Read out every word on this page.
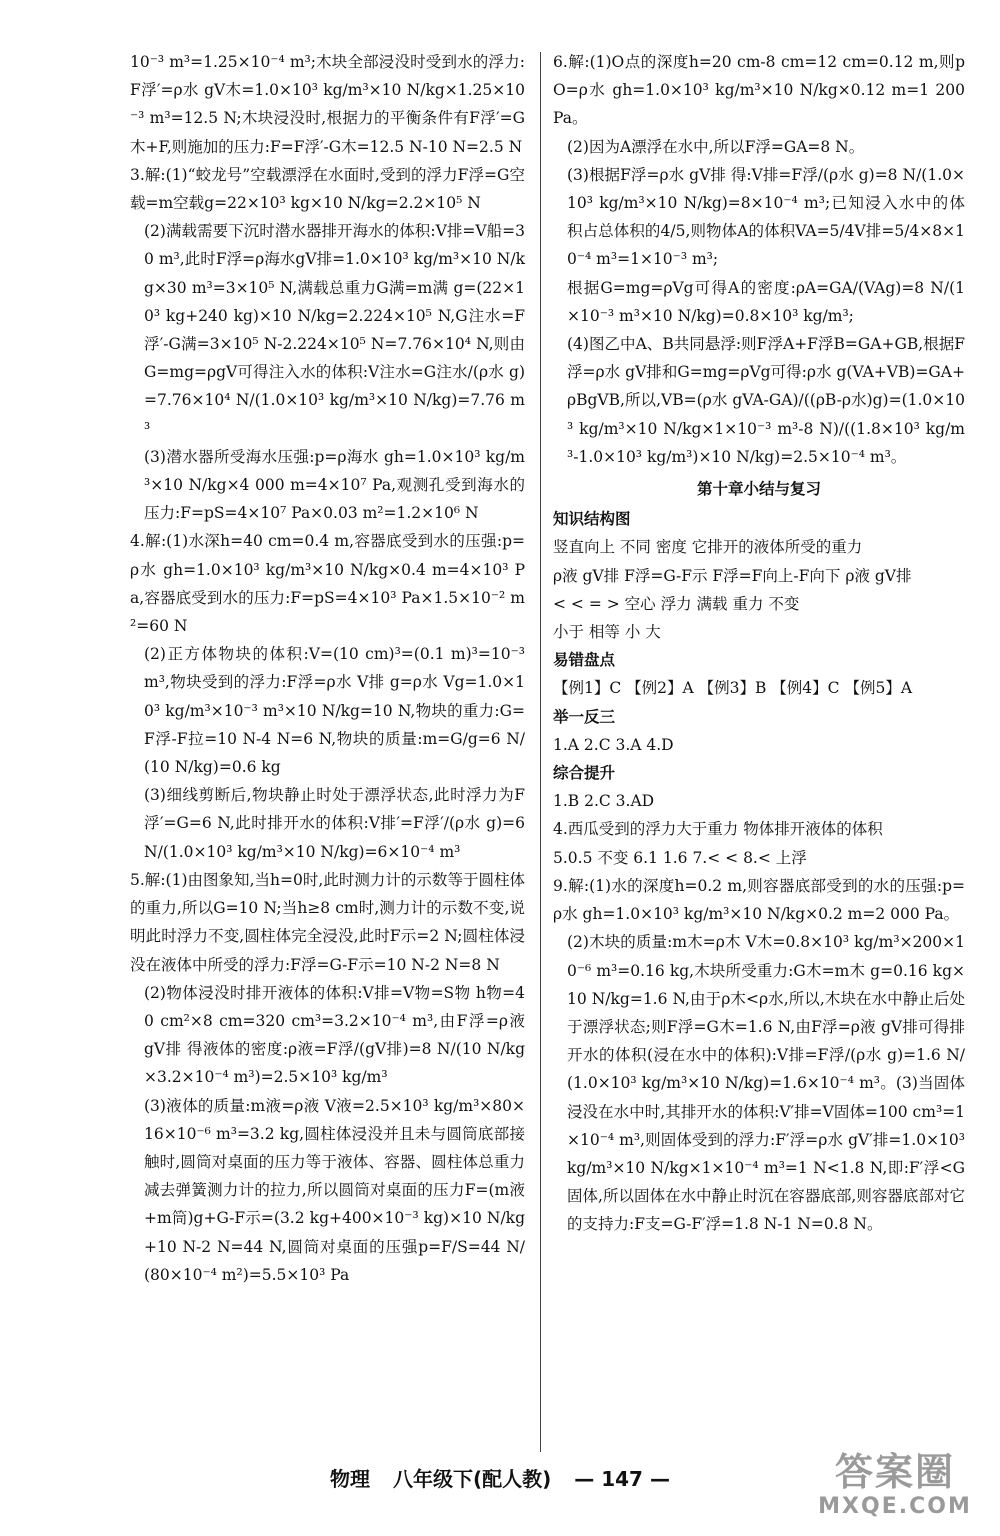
10⁻³ m³=1.25×10⁻⁴ m³;木块全部浸没时受到水的浮力:F浮′=ρ水 gV木=1.0×10³ kg/m³×10 N/kg×1.25×10⁻³ m³=12.5 N;木块浸没时,根据力的平衡条件有F浮′=G木+F,则施加的压力:F=F浮′-G木=12.5 N-10 N=2.5 N

3.解:(1)“蛟龙号”空载漂浮在水面时,受到的浮力F浮=G空载=m空载g=22×10³ kg×10 N/kg=2.2×10⁵ N

(2)满载需要下沉时潜水器排开海水的体积:V排=V船=30 m³,此时F浮=ρ海水gV排=1.0×10³ kg/m³×10 N/kg×30 m³=3×10⁵ N,满载总重力G满=m满 g=(22×10³ kg+240 kg)×10 N/kg=2.224×10⁵ N,G注水=F浮′-G满=3×10⁵ N-2.224×10⁵ N=7.76×10⁴ N,则由G=mg=ρgV可得注入水的体积:V注水=G注水/(ρ水 g)=7.76×10⁴ N/(1.0×10³ kg/m³×10 N/kg)=7.76 m³

(3)潜水器所受海水压强:p=ρ海水 gh=1.0×10³ kg/m³×10 N/kg×4 000 m=4×10⁷ Pa,观测孔受到海水的压力:F=pS=4×10⁷ Pa×0.03 m²=1.2×10⁶ N

4.解:(1)水深h=40 cm=0.4 m,容器底受到水的压强:p=ρ水 gh=1.0×10³ kg/m³×10 N/kg×0.4 m=4×10³ Pa,容器底受到水的压力:F=pS=4×10³ Pa×1.5×10⁻² m²=60 N

(2)正方体物块的体积:V=(10 cm)³=(0.1 m)³=10⁻³ m³,物块受到的浮力:F浮=ρ水 V排 g=ρ水 Vg=1.0×10³ kg/m³×10⁻³ m³×10 N/kg=10 N,物块的重力:G=F浮-F拉=10 N-4 N=6 N,物块的质量:m=G/g=6 N/(10 N/kg)=0.6 kg

(3)细线剪断后,物块静止时处于漂浮状态,此时浮力为F浮′=G=6 N,此时排开水的体积:V排′=F浮′/(ρ水 g)=6 N/(1.0×10³ kg/m³×10 N/kg)=6×10⁻⁴ m³

5.解:(1)由图象知,当h=0时,此时测力计的示数等于圆柱体的重力,所以G=10 N;当h≥8 cm时,测力计的示数不变,说明此时浮力不变,圆柱体完全浸没,此时F示=2 N;圆柱体浸没在液体中所受的浮力:F浮=G-F示=10 N-2 N=8 N

(2)物体浸没时排开液体的体积:V排=V物=S物 h物=40 cm²×8 cm=320 cm³=3.2×10⁻⁴ m³,由F浮=ρ液 gV排 得液体的密度:ρ液=F浮/(gV排)=8 N/(10 N/kg×3.2×10⁻⁴ m³)=2.5×10³ kg/m³

(3)液体的质量:m液=ρ液 V液=2.5×10³ kg/m³×80×16×10⁻⁶ m³=3.2 kg,圆柱体浸没并且未与圆筒底部接触时,圆筒对桌面的压力等于液体、容器、圆柱体总重力减去弹簧测力计的拉力,所以圆筒对桌面的压力F=(m液+m筒)g+G-F示=(3.2 kg+400×10⁻³ kg)×10 N/kg+10 N-2 N=44 N,圆筒对桌面的压强p=F/S=44 N/(80×10⁻⁴ m²)=5.5×10³ Pa

6.解:(1)O点的深度h=20 cm-8 cm=12 cm=0.12 m,则pO=ρ水 gh=1.0×10³ kg/m³×10 N/kg×0.12 m=1 200 Pa。

(2)因为A漂浮在水中,所以F浮=GA=8 N。

(3)根据F浮=ρ水 gV排 得:V排=F浮/(ρ水 g)=8 N/(1.0×10³ kg/m³×10 N/kg)=8×10⁻⁴ m³;已知浸入水中的体积占总体积的4/5,则物体A的体积VA=5/4V排=5/4×8×10⁻⁴ m³=1×10⁻³ m³;

根据G=mg=ρVg可得A的密度:ρA=GA/(VAg)=8 N/(1×10⁻³ m³×10 N/kg)=0.8×10³ kg/m³;

(4)图乙中A、B共同悬浮:则F浮A+F浮B=GA+GB,根据F浮=ρ水 gV排和G=mg=ρVg可得:ρ水 g(VA+VB)=GA+ρBgVB,所以,VB=(ρ水 gVA-GA)/((ρB-ρ水)g)=(1.0×10³ kg/m³×10 N/kg×1×10⁻³ m³-8 N)/((1.8×10³ kg/m³-1.0×10³ kg/m³)×10 N/kg)=2.5×10⁻⁴ m³。

第十章小结与复习

知识结构图

竖直向上 不同 密度 它排开的液体所受的重力

ρ液 gV排 F浮=G-F示 F浮=F向上-F向下 ρ液 gV排

< < = > 空心 浮力 满载 重力 不变

小于 相等 小 大

易错盘点

【例1】C 【例2】A 【例3】B 【例4】C 【例5】A

举一反三

1.A 2.C 3.A 4.D

综合提升

1.B 2.C 3.AD

4.西瓜受到的浮力大于重力 物体排开液体的体积

5.0.5 不变 6.1 1.6 7.< < 8.< 上浮

9.解:(1)水的深度h=0.2 m,则容器底部受到的水的压强:p=ρ水 gh=1.0×10³ kg/m³×10 N/kg×0.2 m=2 000 Pa。

(2)木块的质量:m木=ρ木 V木=0.8×10³ kg/m³×200×10⁻⁶ m³=0.16 kg,木块所受重力:G木=m木 g=0.16 kg×10 N/kg=1.6 N,由于ρ木<ρ水,所以,木块在水中静止后处于漂浮状态;则F浮=G木=1.6 N,由F浮=ρ液 gV排可得排开水的体积(浸在水中的体积):V排=F浮/(ρ水 g)=1.6 N/(1.0×10³ kg/m³×10 N/kg)=1.6×10⁻⁴ m³。(3)当固体浸没在水中时,其排开水的体积:V′排=V固体=100 cm³=1×10⁻⁴ m³,则固体受到的浮力:F′浮=ρ水 gV′排=1.0×10³ kg/m³×10 N/kg×1×10⁻⁴ m³=1 N<1.8 N,即:F′浮<G固体,所以固体在水中静止时沉在容器底部,则容器底部对它的支持力:F支=G-F′浮=1.8 N-1 N=0.8 N。

物理 八年级下(配人教) — 147 —	答案圈
MXQE.COM
